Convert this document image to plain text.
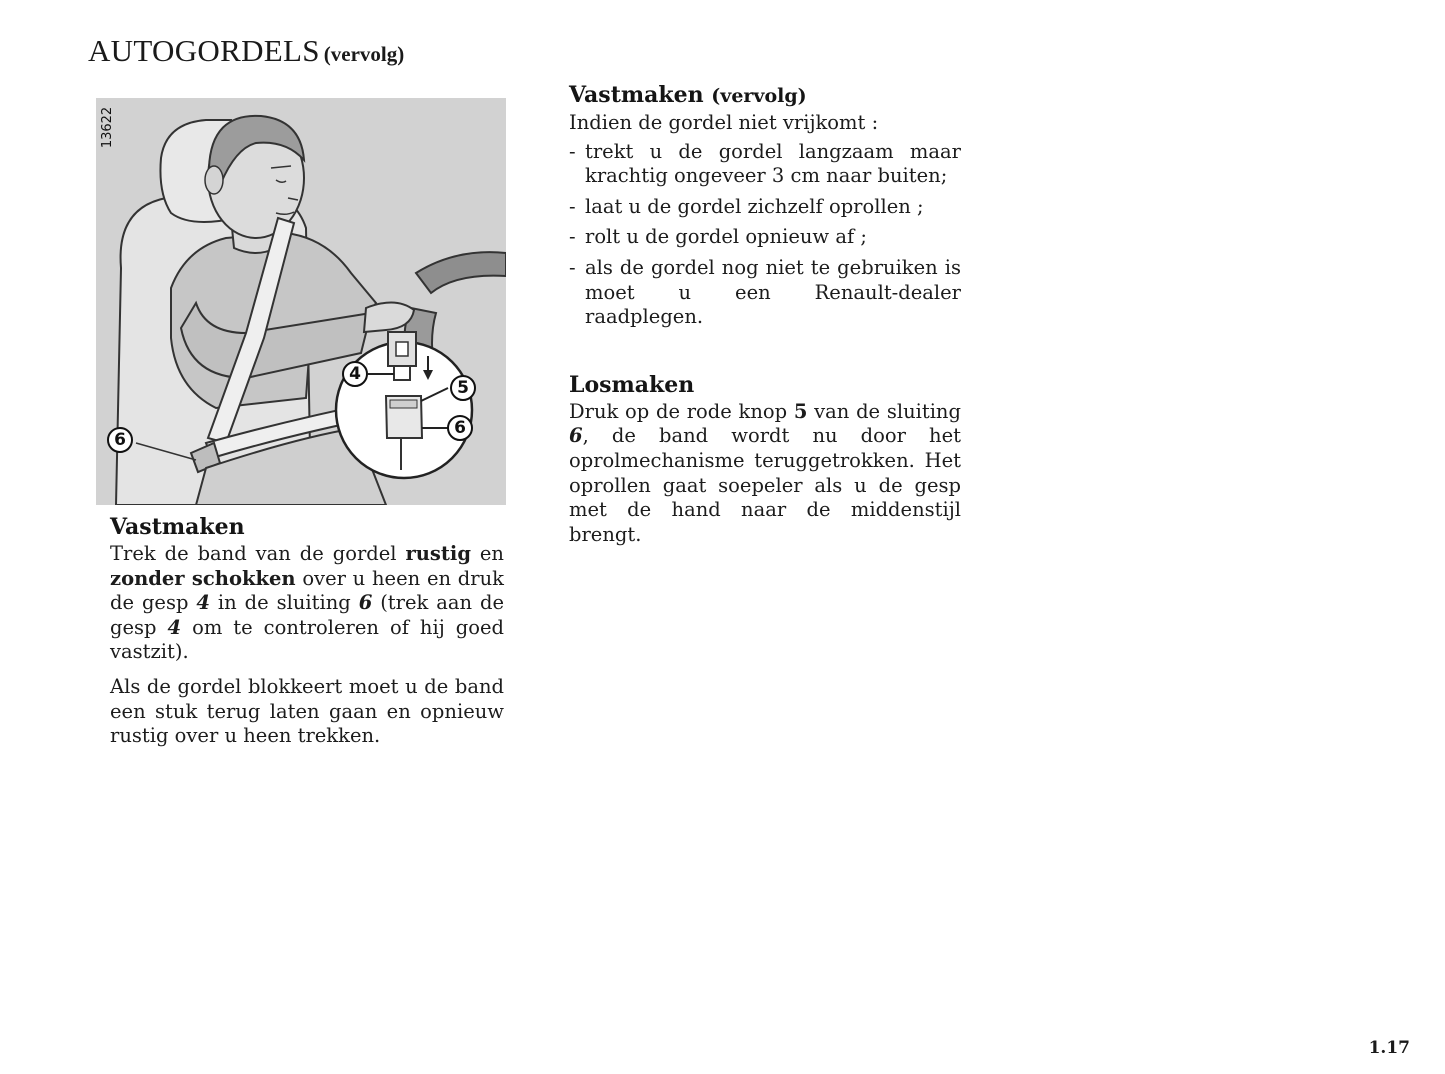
AUTOGORDELS (vervolg)
13622
4
5
6
6
Vastmaken

Trek de band van de gordel rustig en zonder schokken over u heen en druk de gesp 4 in de sluiting 6 (trek aan de gesp 4 om te controleren of hij goed vastzit).

Als de gordel blokkeert moet u de band een stuk terug laten gaan en opnieuw rustig over u heen trekken.

Vastmaken (vervolg)

Indien de gordel niet vrijkomt :

- trekt u de gordel langzaam maar krachtig ongeveer 3 cm naar buiten;
- laat u de gordel zichzelf oprollen ;
- rolt u de gordel opnieuw af ;
- als de gordel nog niet te gebruiken is moet u een Renault-dealer raadplegen.
Losmaken

Druk op de rode knop 5 van de sluiting 6, de band wordt nu door het oprolmechanisme teruggetrokken. Het oprollen gaat soepeler als u de gesp met de hand naar de middenstijl brengt.

1.17
